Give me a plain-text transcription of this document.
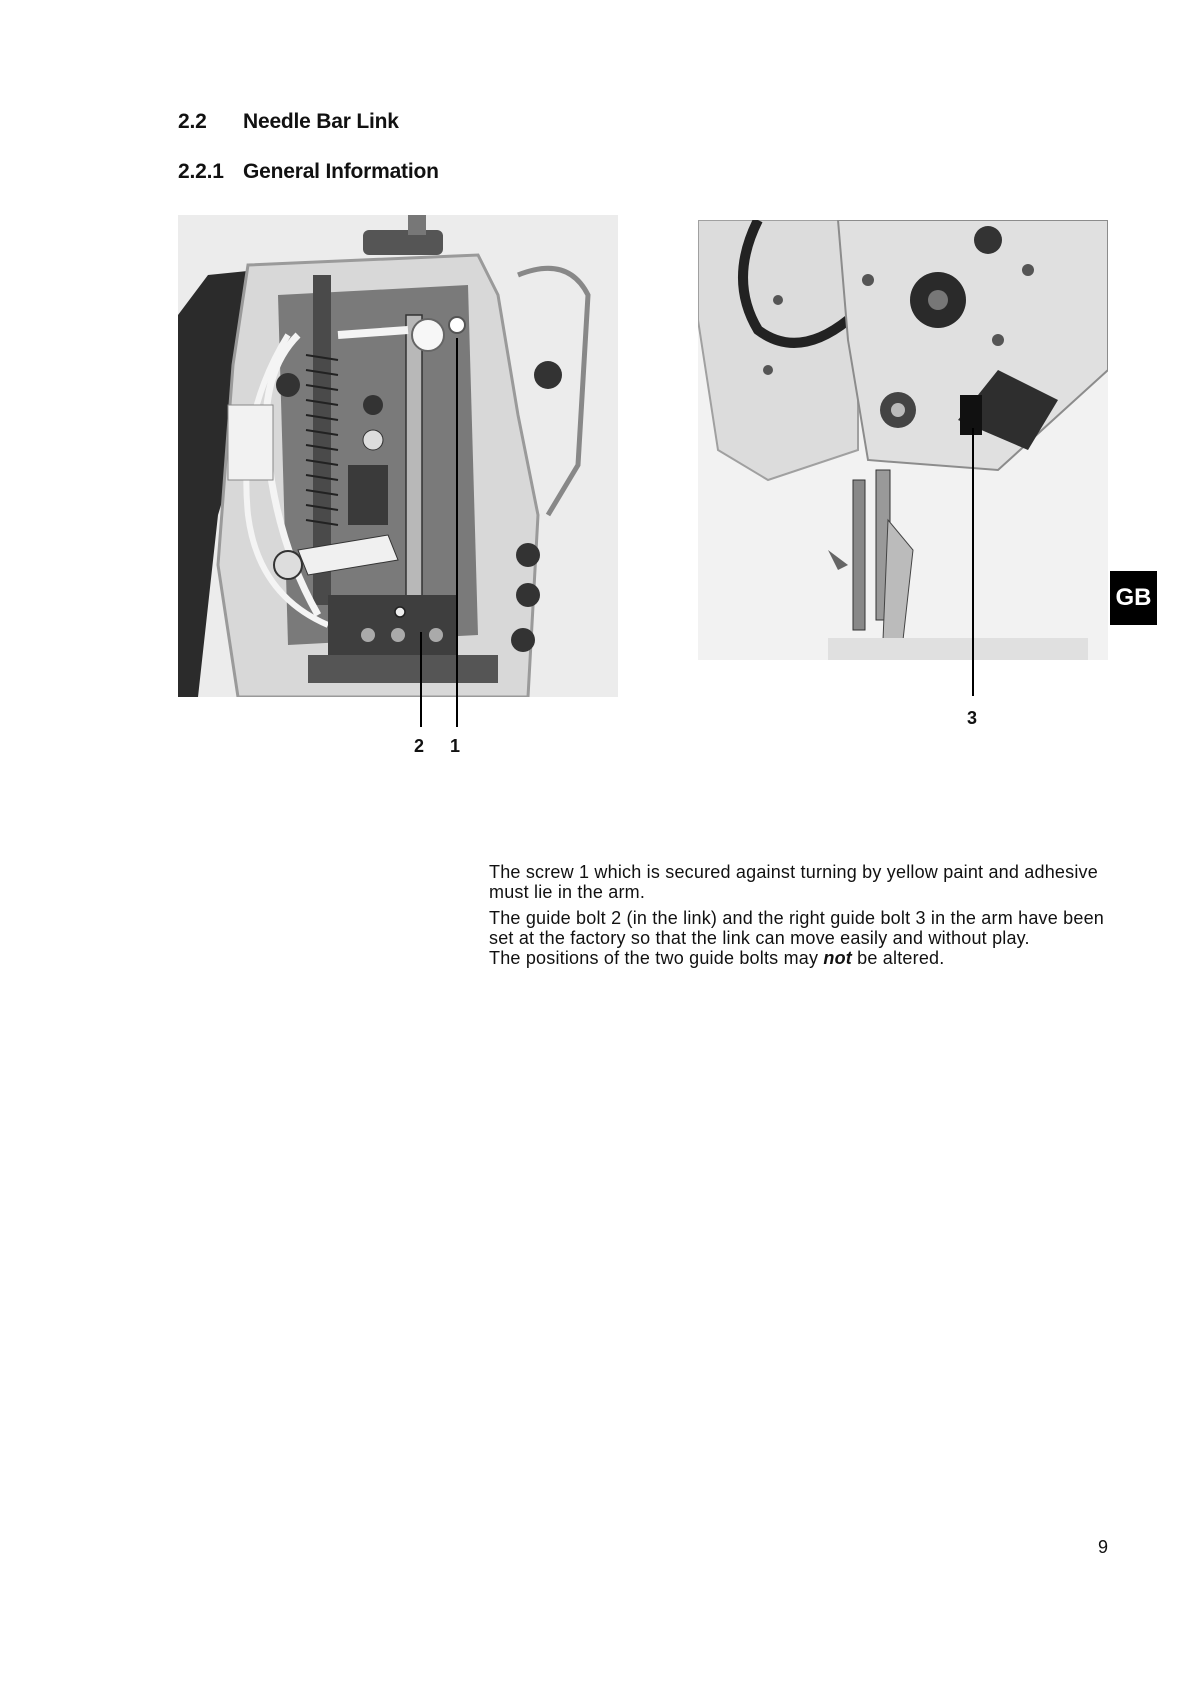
2.2 Needle Bar Link
2.2.1 General Information
2 1
3
GB

The screw 1 which is secured against turning by yellow paint and adhesive must lie in the arm.

The guide bolt 2 (in the link) and the right guide bolt 3 in the arm have been set at the factory so that the link can move easily and without play.
The positions of the two guide bolts may not be altered.

9
